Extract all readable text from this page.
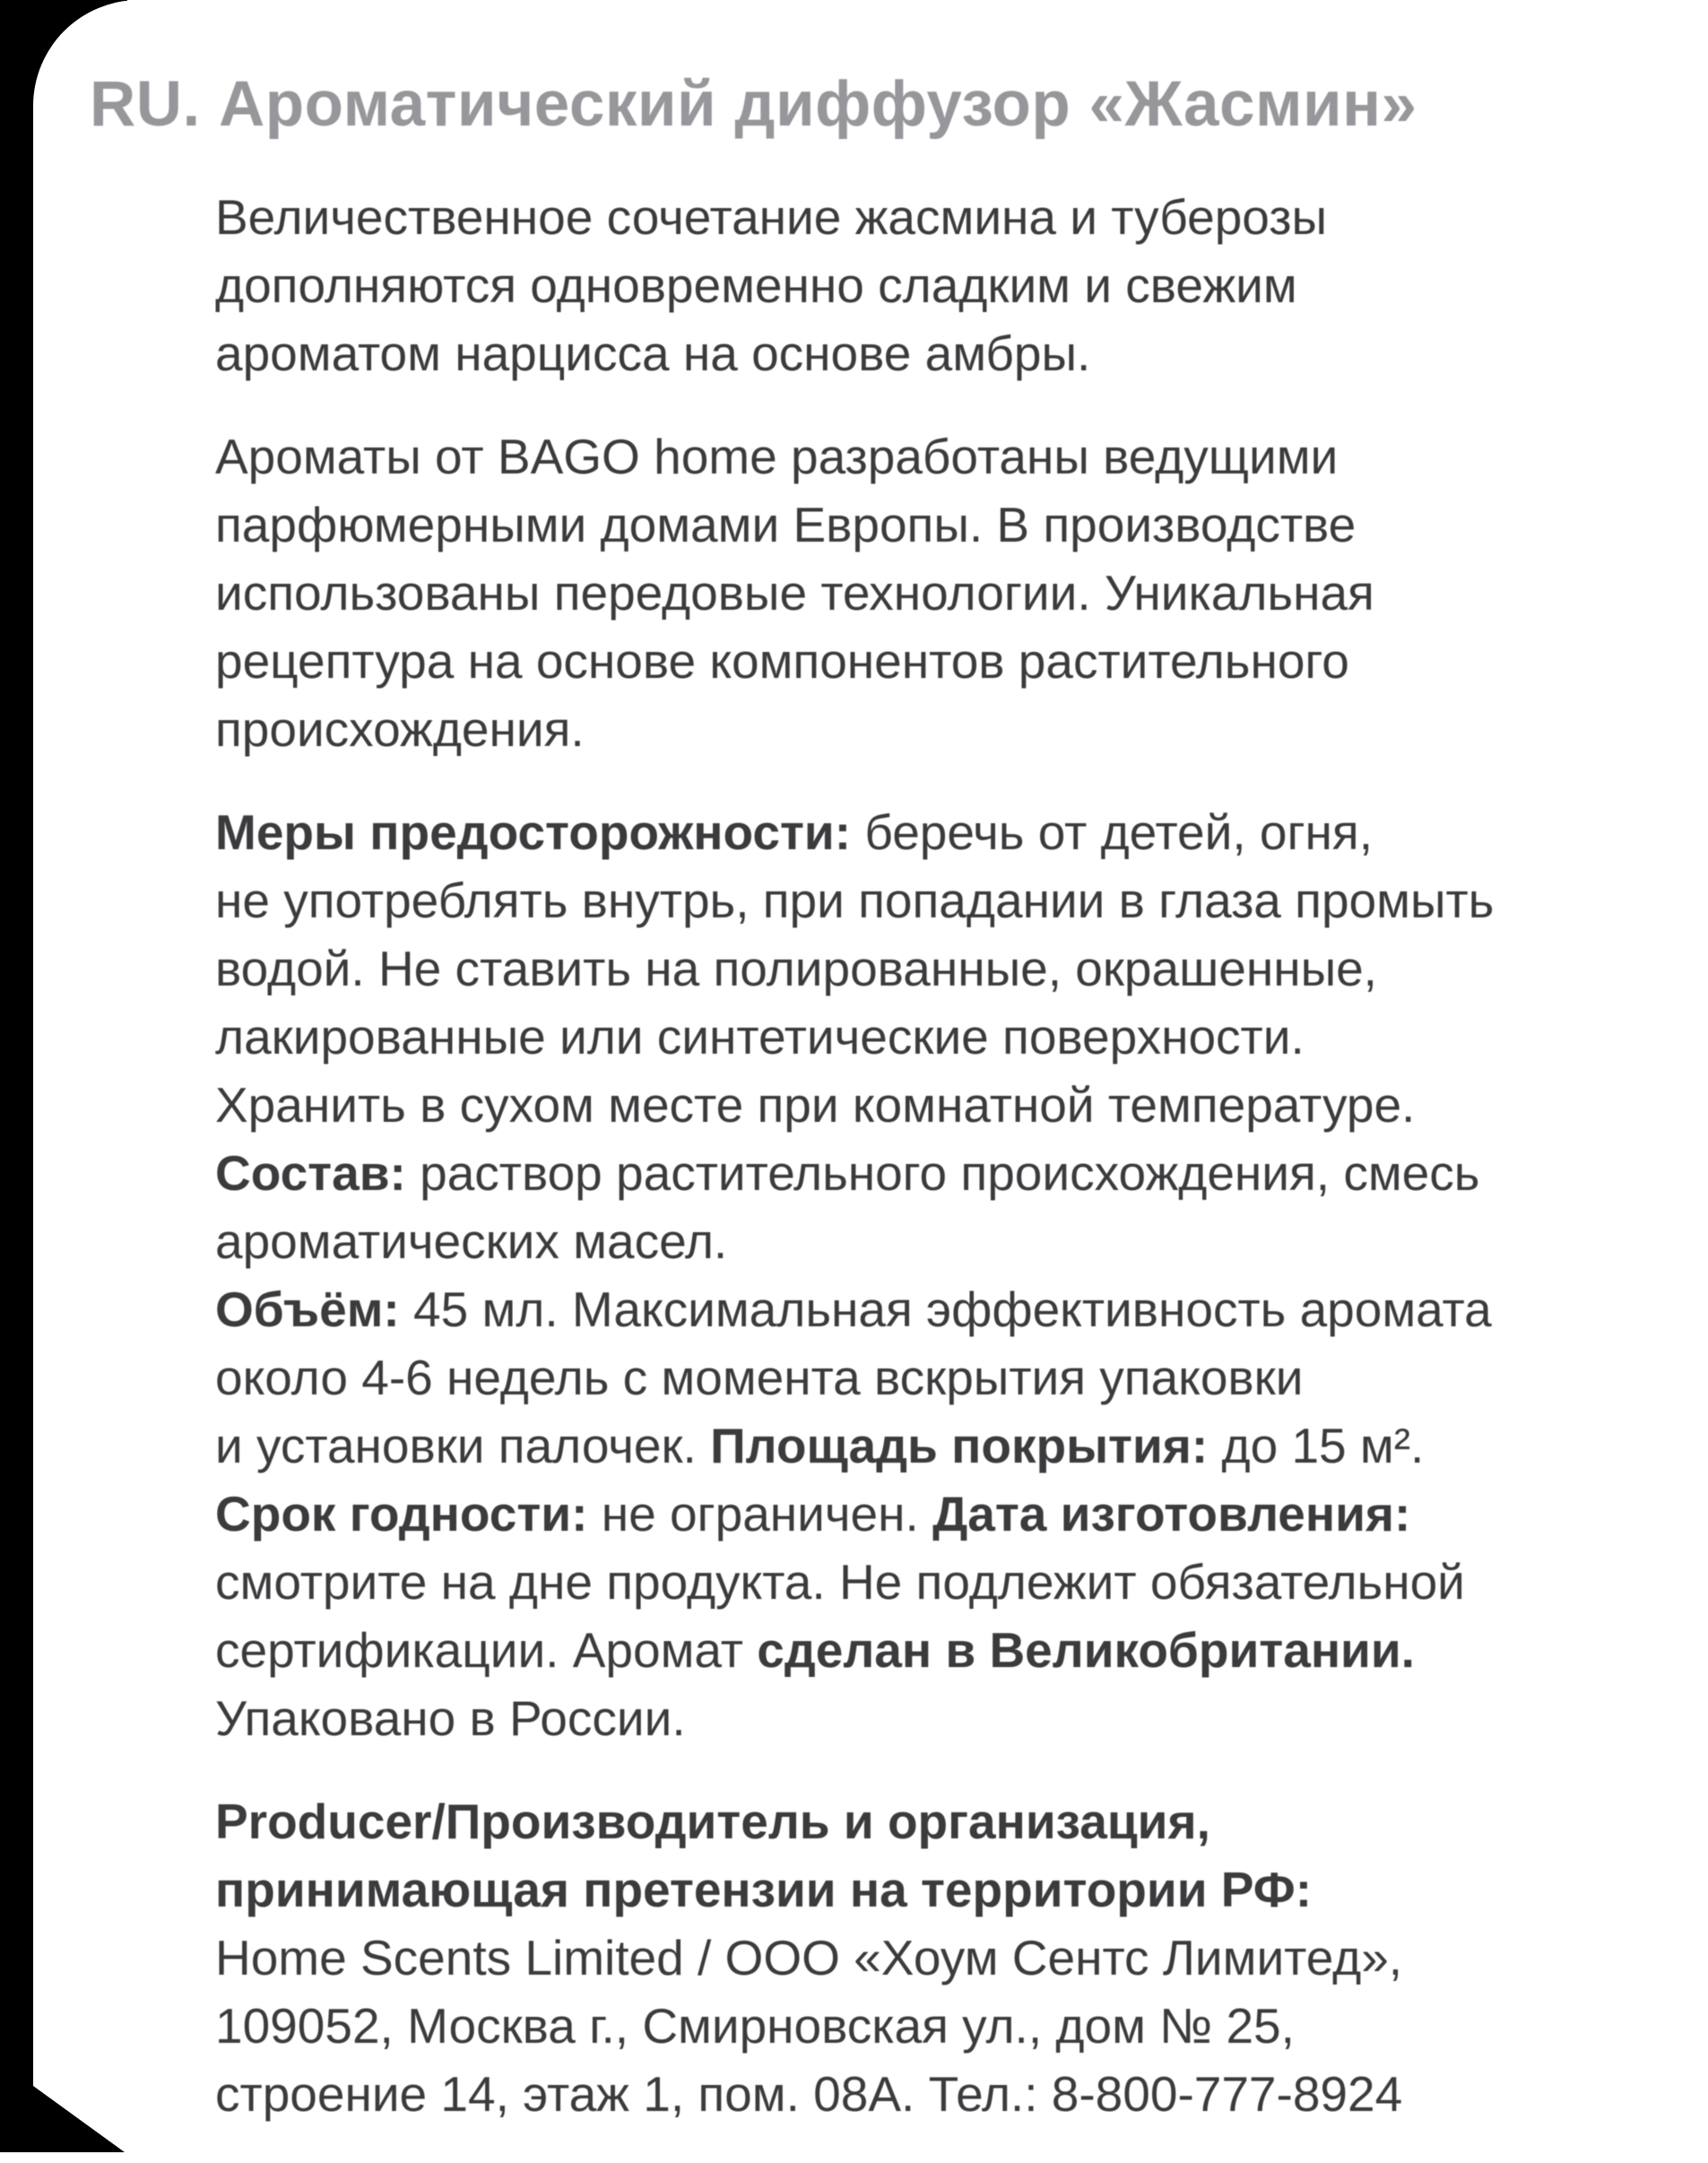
RU. Ароматический диффузор «Жасмин»
Величественное сочетание жасмина и туберозы
дополняются одновременно сладким и свежим
ароматом нарцисса на основе амбры.
Ароматы от BAGO home разработаны ведущими
парфюмерными домами Европы. В производстве
использованы передовые технологии. Уникальная
рецептура на основе компонентов растительного
происхождения.
Меры предосторожности: беречь от детей, огня,
не употреблять внутрь, при попадании в глаза промыть
водой. Не ставить на полированные, окрашенные,
лакированные или синтетические поверхности.
Хранить в сухом месте при комнатной температуре.
Состав: раствор растительного происхождения, смесь
ароматических масел.
Объём: 45 мл. Максимальная эффективность аромата
около 4-6 недель с момента вскрытия упаковки
и установки палочек. Площадь покрытия: до 15 м².
Срок годности: не ограничен. Дата изготовления:
смотрите на дне продукта. Не подлежит обязательной
сертификации. Аромат сделан в Великобритании.
Упаковано в России.
Producer/Производитель и организация,
принимающая претензии на территории РФ:
Home Scents Limited / ООО «Хоум Сентс Лимитед»,
109052, Москва г., Смирновская ул., дом № 25,
строение 14, этаж 1, пом. 08А. Тел.: 8-800-777-8924
